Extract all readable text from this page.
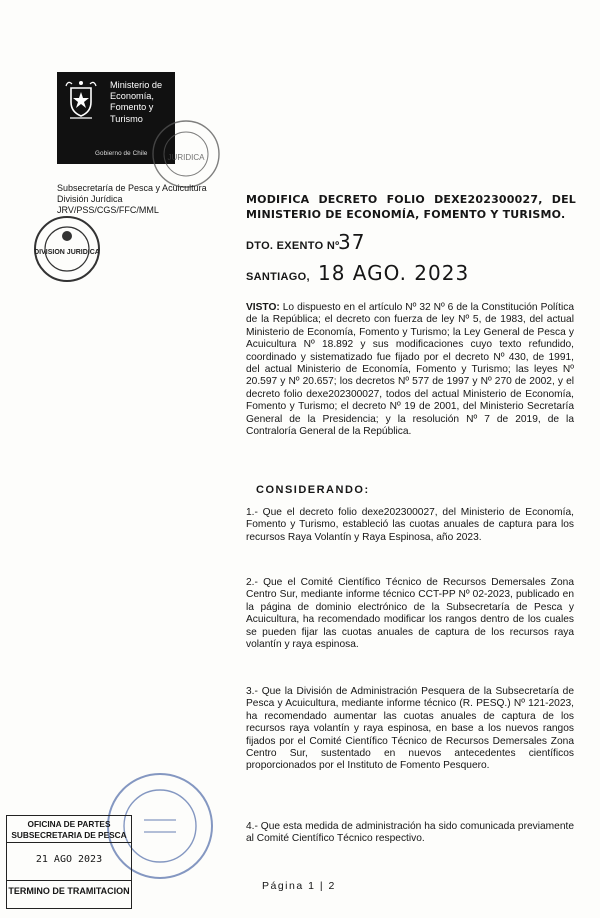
Ministerio de
Economía,
Fomento y
Turismo
Gobierno de Chile	JURIDICA
Subsecretaría de Pesca y Acuicultura
División Jurídica
JRV/PSS/CGS/FFC/MML
DIVISION JURIDICA
MODIFICA DECRETO FOLIO DEXE202300027, DEL MINISTERIO DE ECONOMÍA, FOMENTO Y TURISMO.
DTO. EXENTO Nº
37
SANTIAGO, 18 AGO. 2023
VISTO: Lo dispuesto en el artículo Nº 32 Nº 6 de la Constitución Política de la República; el decreto con fuerza de ley Nº 5, de 1983, del actual Ministerio de Economía, Fomento y Turismo; la Ley General de Pesca y Acuicultura Nº 18.892 y sus modificaciones cuyo texto refundido, coordinado y sistematizado fue fijado por el decreto Nº 430, de 1991, del actual Ministerio de Economía, Fomento y Turismo; las leyes Nº 20.597 y Nº 20.657; los decretos Nº 577 de 1997 y Nº 270 de 2002, y el decreto folio dexe202300027, todos del actual Ministerio de Economía, Fomento y Turismo; el decreto Nº 19 de 2001, del Ministerio Secretaría General de la Presidencia; y la resolución Nº 7 de 2019, de la Contraloría General de la República.
CONSIDERANDO:
1.- Que el decreto folio dexe202300027, del Ministerio de Economía, Fomento y Turismo, estableció las cuotas anuales de captura para los recursos Raya Volantín y Raya Espinosa, año 2023.
2.- Que el Comité Científico Técnico de Recursos Demersales Zona Centro Sur, mediante informe técnico CCT-PP Nº 02-2023, publicado en la página de dominio electrónico de la Subsecretaría de Pesca y Acuicultura, ha recomendado modificar los rangos dentro de los cuales se pueden fijar las cuotas anuales de captura de los recursos raya volantín y raya espinosa.
3.- Que la División de Administración Pesquera de la Subsecretaría de Pesca y Acuicultura, mediante informe técnico (R. PESQ.) Nº 121-2023, ha recomendado aumentar las cuotas anuales de captura de los recursos raya volantín y raya espinosa, en base a los nuevos rangos fijados por el Comité Científico Técnico de Recursos Demersales Zona Centro Sur, sustentado en nuevos antecedentes científicos proporcionados por el Instituto de Fomento Pesquero.
4.- Que esta medida de administración ha sido comunicada previamente al Comité Científico Técnico respectivo.
OFICINA DE PARTES
SUBSECRETARIA DE PESCA
21 AGO 2023
TERMINO DE TRAMITACION	Página 1 | 2
